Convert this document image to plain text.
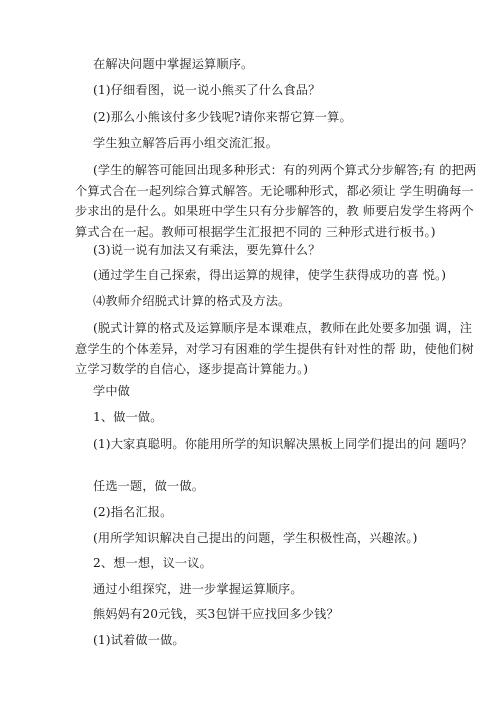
在解决问题中掌握运算顺序。
(1)仔细看图，说一说小熊买了什么食品？
(2)那么小熊该付多少钱呢?请你来帮它算一算。
学生独立解答后再小组交流汇报。
(学生的解答可能回出现多种形式：有的列两个算式分步解答;有 的把两个算式合在一起列综合算式解答。无论哪种形式，都必须让 学生明确每一步求出的是什么。如果班中学生只有分步解答的，教 师要启发学生将两个算式合在一起。教师可根据学生汇报把不同的 三种形式进行板书。)
(3)说一说有加法又有乘法，要先算什么？
(通过学生自己探索，得出运算的规律，使学生获得成功的喜 悦。)
⑷教师介绍脱式计算的格式及方法。
(脱式计算的格式及运算顺序是本课难点，教师在此处要多加强 调，注意学生的个体差异，对学习有困难的学生提供有针对性的帮 助，使他们树立学习数学的自信心，逐步提高计算能力。)
学中做
1、做一做。
(1)大家真聪明。你能用所学的知识解决黑板上同学们提出的问 题吗？
任选一题，做一做。
(2)指名汇报。
(用所学知识解决自己提出的问题，学生积极性高，兴趣浓。)
2、想一想，议一议。
通过小组探究，进一步掌握运算顺序。
熊妈妈有20元钱，买3包饼干应找回多少钱？
(1)试着做一做。
